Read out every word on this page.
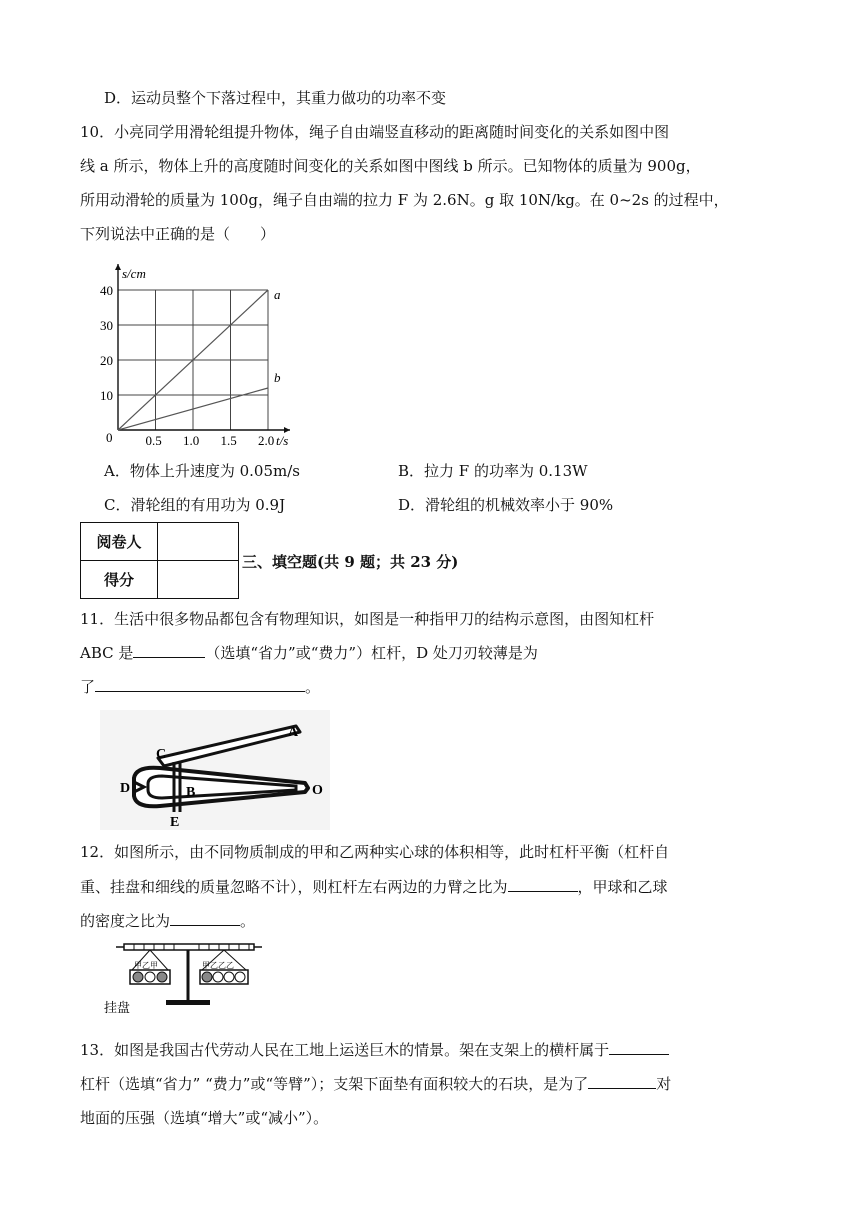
D．运动员整个下落过程中，其重力做功的功率不变
10．小亮同学用滑轮组提升物体，绳子自由端竖直移动的距离随时间变化的关系如图中图
线 a 所示，物体上升的高度随时间变化的关系如图中图线 b 所示。已知物体的质量为 900g，
所用动滑轮的质量为 100g，绳子自由端的拉力 F 为 2.6N。g 取 10N/kg。在 0~2s 的过程中，
下列说法中正确的是（　　）
a
b
0.5 1.0 1.5 2.0
10
20
30
40
0
s/cm
t/s
A．物体上升速度为 0.05m/s	B．拉力 F 的功率为 0.13W
C．滑轮组的有用功为 0.9J	D．滑轮组的机械效率小于 90%
阅卷人	
得分	
三、填空题(共 9 题；共 23 分)
11．生活中很多物品都包含有物理知识，如图是一种指甲刀的结构示意图，由图知杠杆
ABC 是	（选填“省力”或“费力”）杠杆，D 处刀刃较薄是为
了	。
C
A
B
D
E
O
12．如图所示，由不同物质制成的甲和乙两种实心球的体积相等，此时杠杆平衡（杠杆自
重、挂盘和细线的质量忽略不计），则杠杆左右两边的力臂之比为	，甲球和乙球
的密度之比为	。
甲乙甲	甲乙乙乙
挂盘
13．如图是我国古代劳动人民在工地上运送巨木的情景。架在支架上的横杆属于
杠杆（选填“省力” “费力”或“等臂”）；支架下面垫有面积较大的石块，是为了	对
地面的压强（选填“增大”或“减小”）。
